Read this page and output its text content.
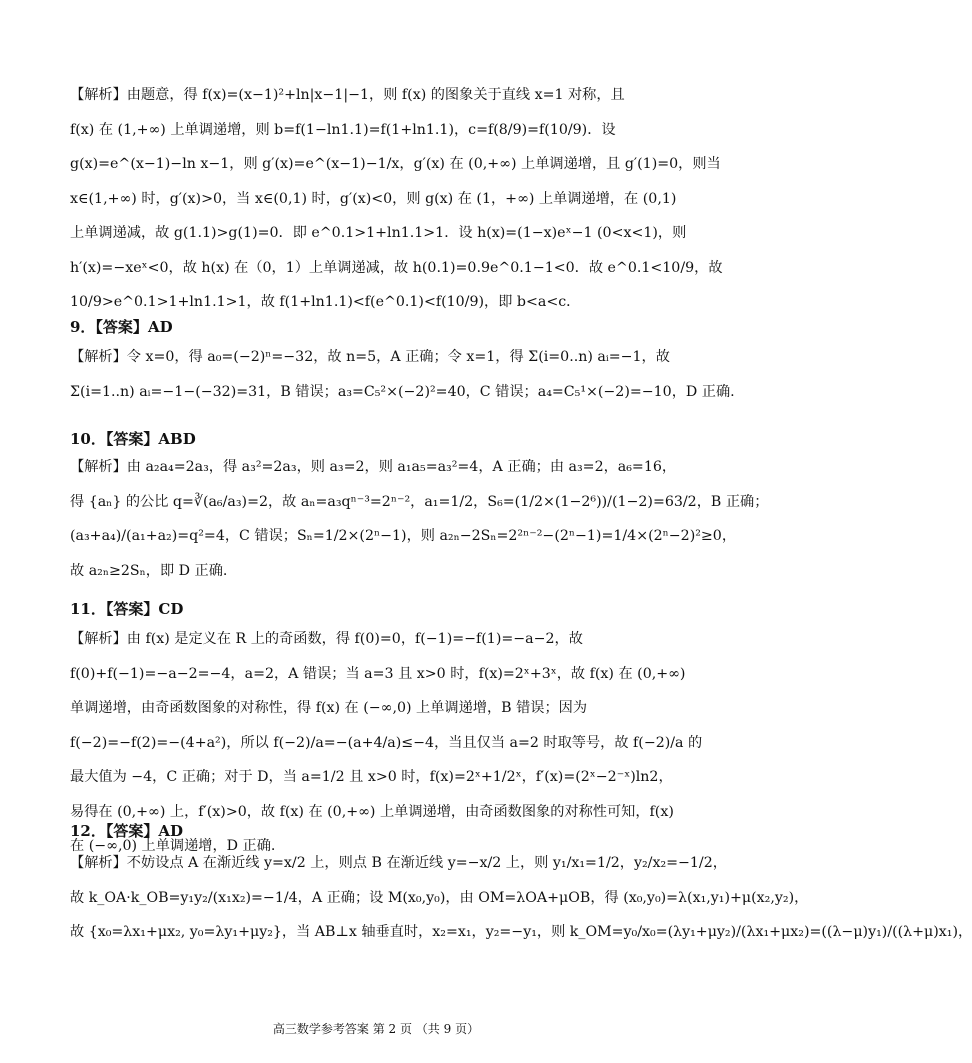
【解析】由题意，得 f(x)=(x−1)²+ln|x−1|−1，则 f(x) 的图象关于直线 x=1 对称，且
f(x) 在 (1,+∞) 上单调递增，则 b=f(1−ln1.1)=f(1+ln1.1)，c=f(8/9)=f(10/9)．设
g(x)=e^(x−1)−ln x−1，则 g′(x)=e^(x−1)−1/x，g′(x) 在 (0,+∞) 上单调递增，且 g′(1)=0，则当
x∈(1,+∞) 时，g′(x)>0，当 x∈(0,1) 时，g′(x)<0，则 g(x) 在 (1，+∞) 上单调递增，在 (0,1)
上单调递减，故 g(1.1)>g(1)=0．即 e^0.1>1+ln1.1>1．设 h(x)=(1−x)eˣ−1 (0<x<1)，则
h′(x)=−xeˣ<0，故 h(x) 在（0，1）上单调递减，故 h(0.1)=0.9e^0.1−1<0．故 e^0.1<10/9，故
10/9>e^0.1>1+ln1.1>1，故 f(1+ln1.1)<f(e^0.1)<f(10/9)，即 b<a<c．
9．【答案】AD
【解析】令 x=0，得 a₀=(−2)ⁿ=−32，故 n=5，A 正确；令 x=1，得 Σ(i=0..n) aᵢ=−1，故
Σ(i=1..n) aᵢ=−1−(−32)=31，B 错误；a₃=C₅²×(−2)²=40，C 错误；a₄=C₅¹×(−2)=−10，D 正确.
10．【答案】ABD
【解析】由 a₂a₄=2a₃，得 a₃²=2a₃，则 a₃=2，则 a₁a₅=a₃²=4，A 正确；由 a₃=2，a₆=16，
得 {aₙ} 的公比 q=∛(a₆/a₃)=2，故 aₙ=a₃qⁿ⁻³=2ⁿ⁻²，a₁=1/2，S₆=(1/2×(1−2⁶))/(1−2)=63/2，B 正确；
(a₃+a₄)/(a₁+a₂)=q²=4，C 错误；Sₙ=1/2×(2ⁿ−1)，则 a₂ₙ−2Sₙ=2²ⁿ⁻²−(2ⁿ−1)=1/4×(2ⁿ−2)²≥0，
故 a₂ₙ≥2Sₙ，即 D 正确.
11．【答案】CD
【解析】由 f(x) 是定义在 R 上的奇函数，得 f(0)=0，f(−1)=−f(1)=−a−2，故
f(0)+f(−1)=−a−2=−4，a=2，A 错误；当 a=3 且 x>0 时，f(x)=2ˣ+3ˣ，故 f(x) 在 (0,+∞)
单调递增，由奇函数图象的对称性，得 f(x) 在 (−∞,0) 上单调递增，B 错误；因为
f(−2)=−f(2)=−(4+a²)，所以 f(−2)/a=−(a+4/a)≤−4，当且仅当 a=2 时取等号，故 f(−2)/a 的
最大值为 −4，C 正确；对于 D，当 a=1/2 且 x>0 时，f(x)=2ˣ+1/2ˣ，f′(x)=(2ˣ−2⁻ˣ)ln2，
易得在 (0,+∞) 上，f′(x)>0，故 f(x) 在 (0,+∞) 上单调递增，由奇函数图象的对称性可知，f(x)
在 (−∞,0) 上单调递增，D 正确.
12．【答案】AD
【解析】不妨设点 A 在渐近线 y=x/2 上，则点 B 在渐近线 y=−x/2 上，则 y₁/x₁=1/2，y₂/x₂=−1/2，
故 k_OA·k_OB=y₁y₂/(x₁x₂)=−1/4，A 正确；设 M(x₀,y₀)，由 OM=λOA+μOB，得 (x₀,y₀)=λ(x₁,y₁)+μ(x₂,y₂)，
故 {x₀=λx₁+μx₂, y₀=λy₁+μy₂}，当 AB⊥x 轴垂直时，x₂=x₁，y₂=−y₁，则 k_OM=y₀/x₀=(λy₁+μy₂)/(λx₁+μx₂)=((λ−μ)y₁)/((λ+μ)x₁)，
高三数学参考答案 第 2 页 （共 9 页）
